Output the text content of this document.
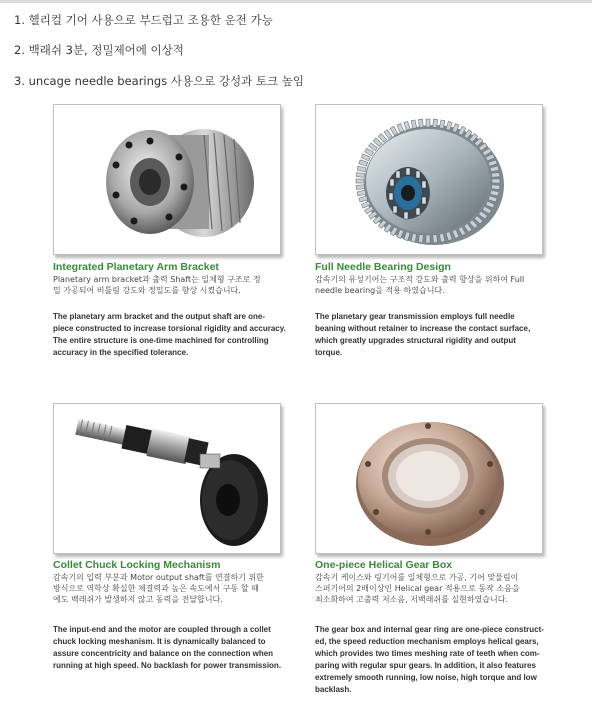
1. 헬리컬 기어 사용으로 부드럽고 조용한 운전 가능
2. 백래쉬 3분, 정밀제어에 이상적
3. uncage needle bearings 사용으로 강성과 토크 높임
Integrated Planetary Arm Bracket
Planetary arm bracket과 출력 Shaft는 일체형 구조로 정
밀 가공되어 비틀림 강도와 정밀도를 향상 시켰습니다.
The planetary arm bracket and the output shaft are one-
piece constructed to increase torsional rigidity and accuracy.
The entire structure is one-time machined for controlling
accuracy in the specified tolerance.
Full Needle Bearing Design
감속기의 유성기어는 구조적 강도와 출력 향상을 위하여 Full
needle bearing을 적용 하였습니다.
The planetary gear transmission employs full needle
beaning without retainer to increase the contact surface,
which greatly upgrades structural rigidity and output
torque.
Collet Chuck Locking Mechanism
감속기의 입력 부분과 Motor output shaft를 연결하기 위한
방식으로 역학상 확실한 체결력과 높은 속도에서 구동 할 때
에도 백래쉬가 발생하지 않고 동력을 전달합니다.
The input-end and the motor are coupled through a collet
chuck locking meshanism. It is dynamically balanced to
assure concentricity and balance on the connection when
running at high speed. No backlash for power transmission.
One-piece Helical Gear Box
감속기 케이스와 링기어를 일체형으로 가공, 기어 맞물림이
스퍼기어의 2배이상인 Helical gear 적용으로 동작 소음을
최소화하여 고출력 저소음, 저백래쉬를 실현하였습니다.
The gear box and internal gear ring are one-piece construct-
ed, the speed reduction mechanism employs helical gears,
which provides two times meshing rate of teeth when com-
paring with regular spur gears. In addition, it also features
extremely smooth running, low noise, high torque and low
backlash.
